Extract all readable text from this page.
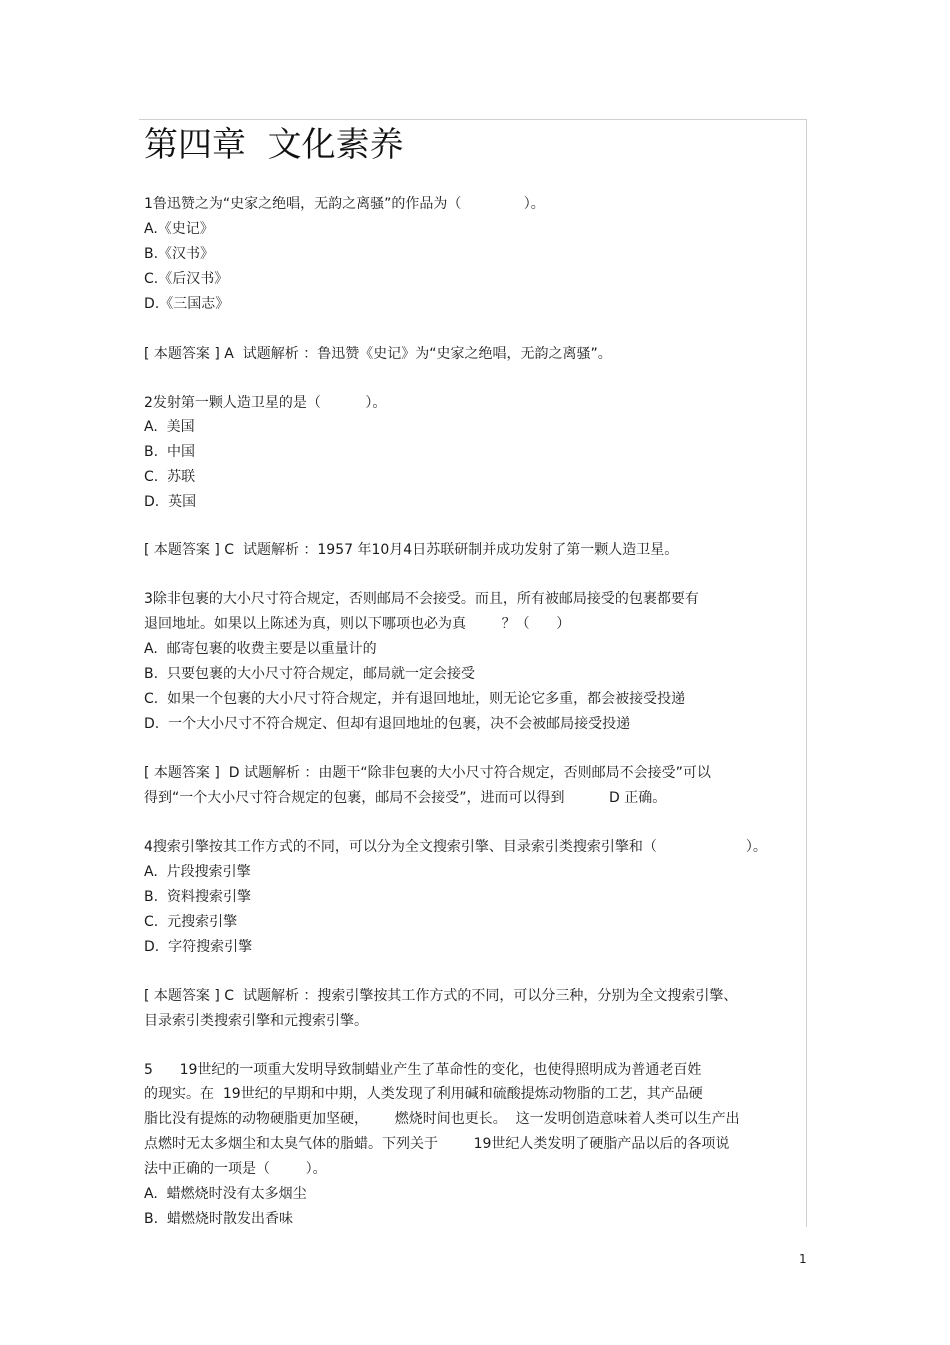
第四章  文化素养
1鲁迅赞之为“史家之绝唱，无韵之离骚”的作品为（              ）。
A.《史记》
B.《汉书》
C.《后汉书》
D.《三国志》
[ 本题答案 ] A  试题解析 ：鲁迅赞《史记》为“史家之绝唱，无韵之离骚”。
2发射第一颗人造卫星的是（          ）。
A.  美国
B.  中国
C.  苏联
D.  英国
[ 本题答案 ] C  试题解析 ：1957 年10月4日苏联研制并成功发射了第一颗人造卫星。
3除非包裹的大小尺寸符合规定，否则邮局不会接受。而且，所有被邮局接受的包裹都要有
退回地址。如果以上陈述为真，则以下哪项也必为真        ？（      ）
A.  邮寄包裹的收费主要是以重量计的
B.  只要包裹的大小尺寸符合规定，邮局就一定会接受
C.  如果一个包裹的大小尺寸符合规定，并有退回地址，则无论它多重，都会被接受投递
D.  一个大小尺寸不符合规定、但却有退回地址的包裹，决不会被邮局接受投递
[ 本题答案 ]  D 试题解析 ：由题干“除非包裹的大小尺寸符合规定，否则邮局不会接受”可以
得到“一个大小尺寸符合规定的包裹，邮局不会接受”，进而可以得到          D 正确。
4搜索引擎按其工作方式的不同，可以分为全文搜索引擎、目录索引类搜索引擎和（                    ）。
A.  片段搜索引擎
B.  资料搜索引擎
C.  元搜索引擎
D.  字符搜索引擎
[ 本题答案 ] C  试题解析 ：搜索引擎按其工作方式的不同，可以分三种，分别为全文搜索引擎、
目录索引类搜索引擎和元搜索引擎。
5      19世纪的一项重大发明导致制蜡业产生了革命性的变化，也使得照明成为普通老百姓
的现实。在  19世纪的早期和中期，人类发现了利用碱和硫酸提炼动物脂的工艺，其产品硬
脂比没有提炼的动物硬脂更加坚硬，      燃烧时间也更长。  这一发明创造意味着人类可以生产出
点燃时无太多烟尘和太臭气体的脂蜡。下列关于        19世纪人类发明了硬脂产品以后的各项说
法中正确的一项是（        ）。
A.  蜡燃烧时没有太多烟尘
B.  蜡燃烧时散发出香味
1
